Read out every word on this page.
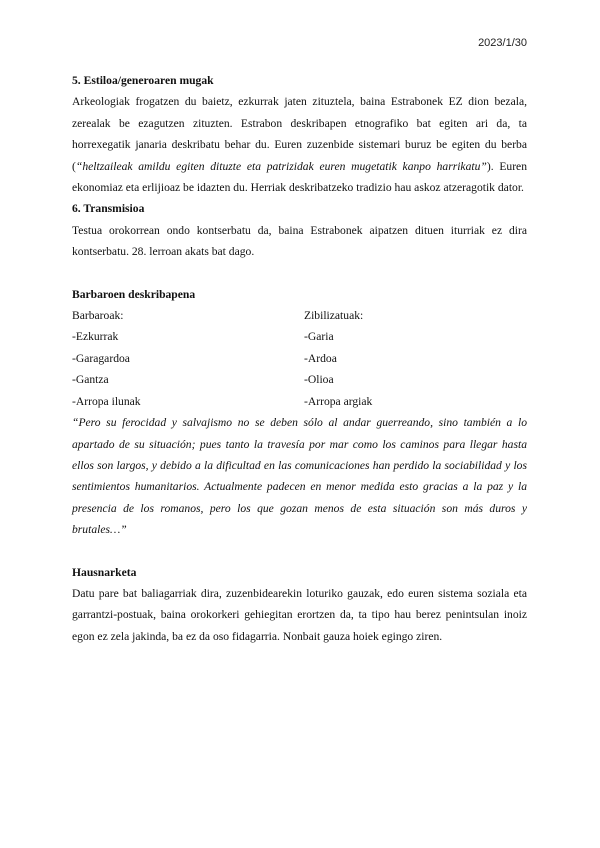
2023/1/30
5. Estiloa/generoaren mugak

Arkeologiak frogatzen du baietz, ezkurrak jaten zituztela, baina Estrabonek EZ dion bezala, zerealak be ezagutzen zituzten. Estrabon deskribapen etnografiko bat egiten ari da, ta horrexegatik janaria deskribatu behar du. Euren zuzenbide sistemari buruz be egiten du berba (“heltzaileak amildu egiten dituzte eta patrizidak euren mugetatik kanpo harrikatu”). Euren ekonomiaz eta erlijioaz be idazten du. Herriak deskribatzeko tradizio hau askoz atzeragotik dator.

6. Transmisioa

Testua orokorrean ondo kontserbatu da, baina Estrabonek aipatzen dituen iturriak ez dira kontserbatu. 28. lerroan akats bat dago.

Barbaroen deskribapena
Barbaroak:	Zibilizatuak:
-Ezkurrak	-Garia
-Garagardoa	-Ardoa
-Gantza	-Olioa
-Arropa ilunak	-Arropa argiak

“Pero su ferocidad y salvajismo no se deben sólo al andar guerreando, sino también a lo apartado de su situación; pues tanto la travesía por mar como los caminos para llegar hasta ellos son largos, y debido a la dificultad en las comunicaciones han perdido la sociabilidad y los sentimientos humanitarios. Actualmente padecen en menor medida esto gracias a la paz y la presencia de los romanos, pero los que gozan menos de esta situación son más duros y brutales…”

Hausnarketa

Datu pare bat baliagarriak dira, zuzenbidearekin loturiko gauzak, edo euren sistema soziala eta garrantzi-postuak, baina orokorkeri gehiegitan erortzen da, ta tipo hau berez penintsulan inoiz egon ez zela jakinda, ba ez da oso fidagarria. Nonbait gauza hoiek egingo ziren.
